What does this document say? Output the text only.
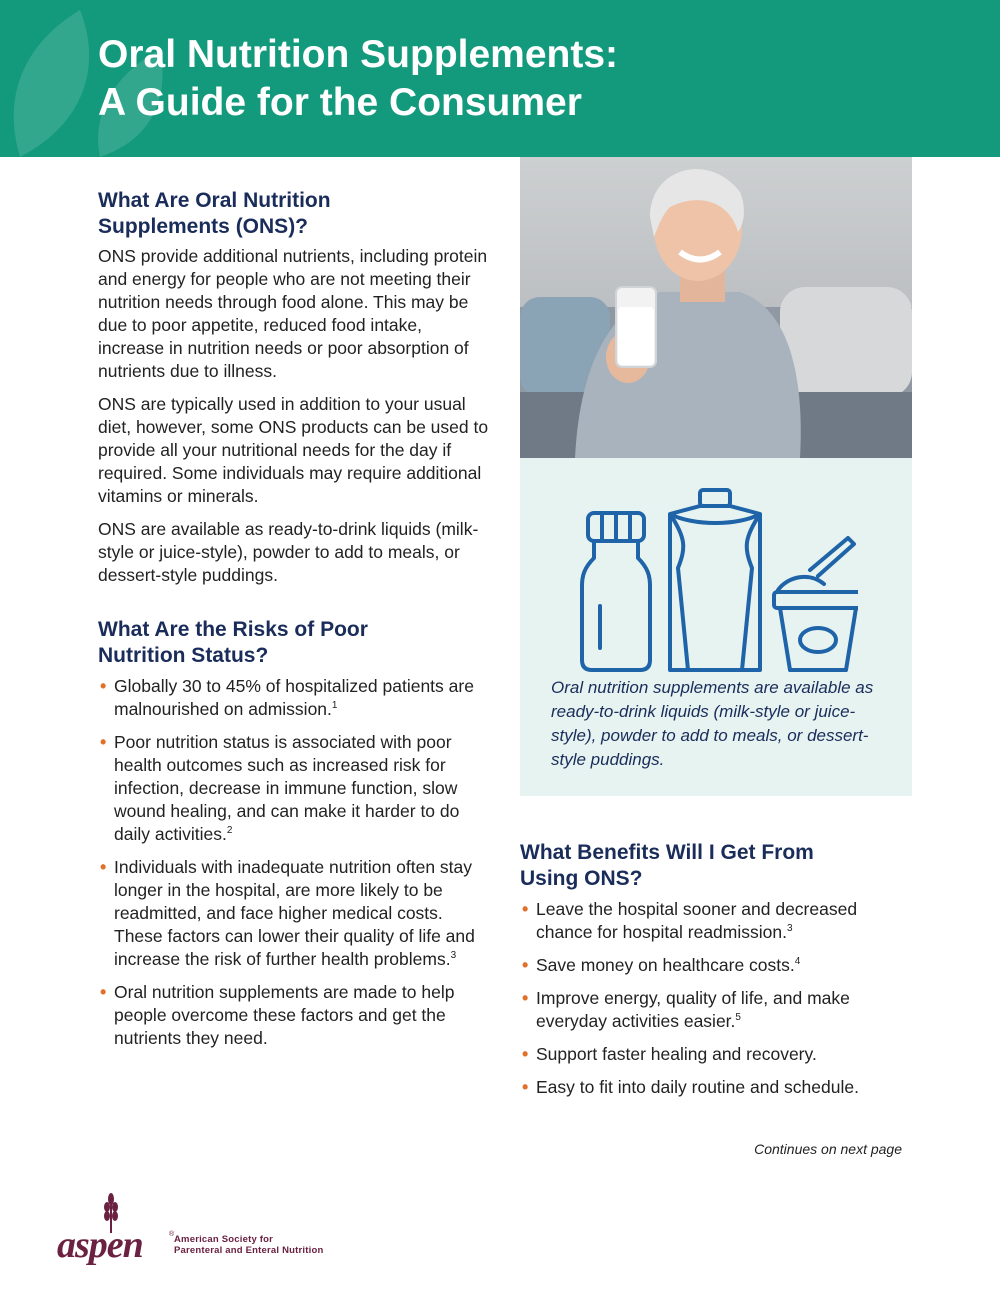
Oral Nutrition Supplements:
A Guide for the Consumer
What Are Oral Nutrition
Supplements (ONS)?

ONS provide additional nutrients, including protein and energy for people who are not meeting their nutrition needs through food alone. This may be due to poor appetite, reduced food intake, increase in nutrition needs or poor absorption of nutrients due to illness.

ONS are typically used in addition to your usual diet, however, some ONS products can be used to provide all your nutritional needs for the day if required. Some individuals may require additional vitamins or minerals.

ONS are available as ready-to-drink liquids (milk-style or juice-style), powder to add to meals, or dessert-style puddings.

What Are the Risks of Poor
Nutrition Status?
• Globally 30 to 45% of hospitalized patients are malnourished on admission.$^1$
• Poor nutrition status is associated with poor health outcomes such as increased risk for infection, decrease in immune function, slow wound healing, and can make it harder to do daily activities.$^2$
• Individuals with inadequate nutrition often stay longer in the hospital, are more likely to be readmitted, and face higher medical costs. These factors can lower their quality of life and increase the risk of further health problems.$^3$
• Oral nutrition supplements are made to help people overcome these factors and get the nutrients they need.
Oral nutrition supplements are available as ready-to-drink liquids (milk-style or juice-style), powder to add to meals, or dessert-style puddings.
What Benefits Will I Get From
Using ONS?
• Leave the hospital sooner and decreased chance for hospital readmission.$^3$
• Save money on healthcare costs.$^4$
• Improve energy, quality of life, and make everyday activities easier.$^5$
• Support faster healing and recovery.
• Easy to fit into daily routine and schedule.
Continues on next page
aspen	® American Society for
Parenteral and Enteral Nutrition
